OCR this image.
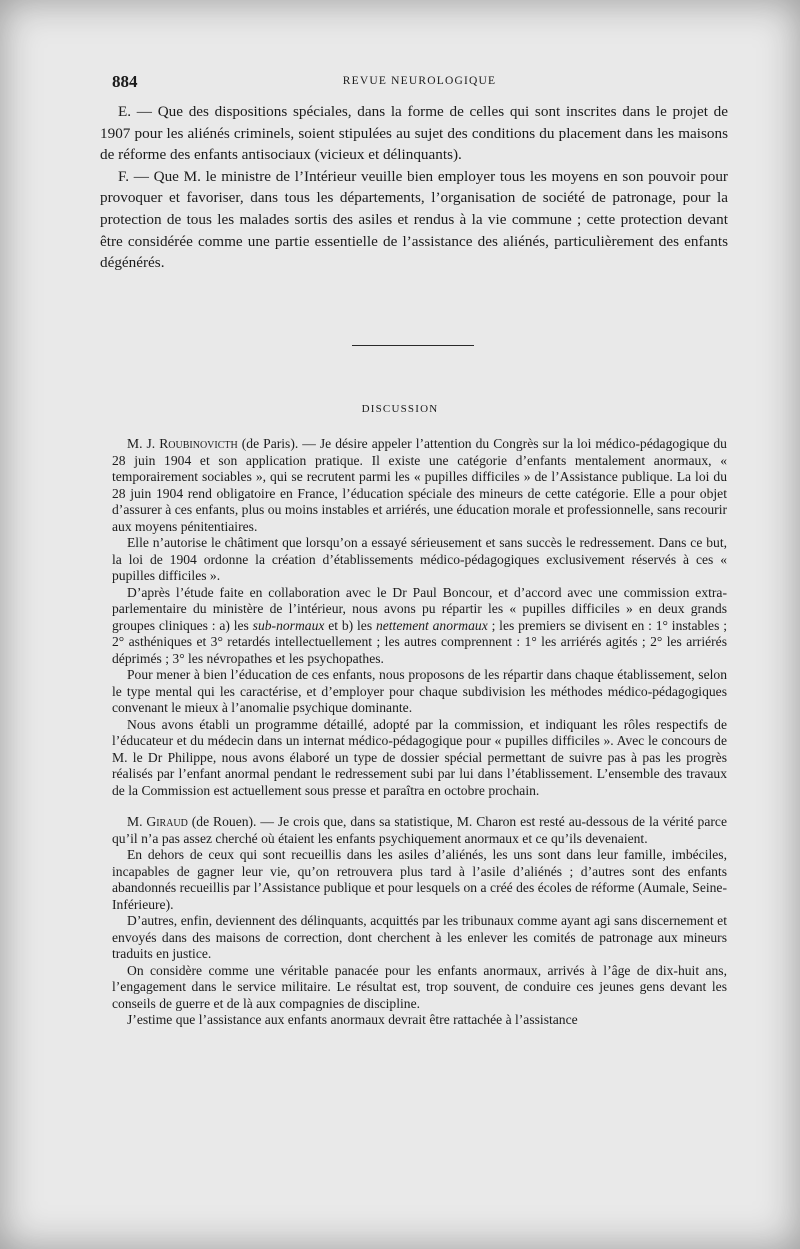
884	REVUE NEUROLOGIQUE

E. — Que des dispositions spéciales, dans la forme de celles qui sont inscrites dans le projet de 1907 pour les aliénés criminels, soient stipulées au sujet des conditions du placement dans les maisons de réforme des enfants antisociaux (vicieux et délinquants).

F. — Que M. le ministre de l’Intérieur veuille bien employer tous les moyens en son pouvoir pour provoquer et favoriser, dans tous les départements, l’organisation de société de patronage, pour la protection de tous les malades sortis des asiles et rendus à la vie commune ; cette protection devant être considérée comme une partie essentielle de l’assistance des aliénés, particulièrement des enfants dégénérés.

DISCUSSION

M. J. Roubinovicth (de Paris). — Je désire appeler l’attention du Congrès sur la loi médico-pédagogique du 28 juin 1904 et son application pratique. Il existe une catégorie d’enfants mentalement anormaux, « temporairement sociables », qui se recrutent parmi les « pupilles difficiles » de l’Assistance publique. La loi du 28 juin 1904 rend obligatoire en France, l’éducation spéciale des mineurs de cette catégorie. Elle a pour objet d’assurer à ces enfants, plus ou moins instables et arriérés, une éducation morale et professionnelle, sans recourir aux moyens pénitentiaires.

Elle n’autorise le châtiment que lorsqu’on a essayé sérieusement et sans succès le redressement. Dans ce but, la loi de 1904 ordonne la création d’établissements médico-pédagogiques exclusivement réservés à ces « pupilles difficiles ».

D’après l’étude faite en collaboration avec le Dr Paul Boncour, et d’accord avec une commission extra-parlementaire du ministère de l’intérieur, nous avons pu répartir les « pupilles difficiles » en deux grands groupes cliniques : a) les sub-normaux et b) les nettement anormaux ; les premiers se divisent en : 1° instables ; 2° asthéniques et 3° retardés intellectuellement ; les autres comprennent : 1° les arriérés agités ; 2° les arriérés déprimés ; 3° les névropathes et les psychopathes.

Pour mener à bien l’éducation de ces enfants, nous proposons de les répartir dans chaque établissement, selon le type mental qui les caractérise, et d’employer pour chaque subdivision les méthodes médico-pédagogiques convenant le mieux à l’anomalie psychique dominante.

Nous avons établi un programme détaillé, adopté par la commission, et indiquant les rôles respectifs de l’éducateur et du médecin dans un internat médico-pédagogique pour « pupilles difficiles ». Avec le concours de M. le Dr Philippe, nous avons élaboré un type de dossier spécial permettant de suivre pas à pas les progrès réalisés par l’enfant anormal pendant le redressement subi par lui dans l’établissement. L’ensemble des travaux de la Commission est actuellement sous presse et paraîtra en octobre prochain.

M. Giraud (de Rouen). — Je crois que, dans sa statistique, M. Charon est resté au-dessous de la vérité parce qu’il n’a pas assez cherché où étaient les enfants psychiquement anormaux et ce qu’ils devenaient.

En dehors de ceux qui sont recueillis dans les asiles d’aliénés, les uns sont dans leur famille, imbéciles, incapables de gagner leur vie, qu’on retrouvera plus tard à l’asile d’aliénés ; d’autres sont des enfants abandonnés recueillis par l’Assistance publique et pour lesquels on a créé des écoles de réforme (Aumale, Seine-Inférieure).

D’autres, enfin, deviennent des délinquants, acquittés par les tribunaux comme ayant agi sans discernement et envoyés dans des maisons de correction, dont cherchent à les enlever les comités de patronage aux mineurs traduits en justice.

On considère comme une véritable panacée pour les enfants anormaux, arrivés à l’âge de dix-huit ans, l’engagement dans le service militaire. Le résultat est, trop souvent, de conduire ces jeunes gens devant les conseils de guerre et de là aux compagnies de discipline.

J’estime que l’assistance aux enfants anormaux devrait être rattachée à l’assistance
